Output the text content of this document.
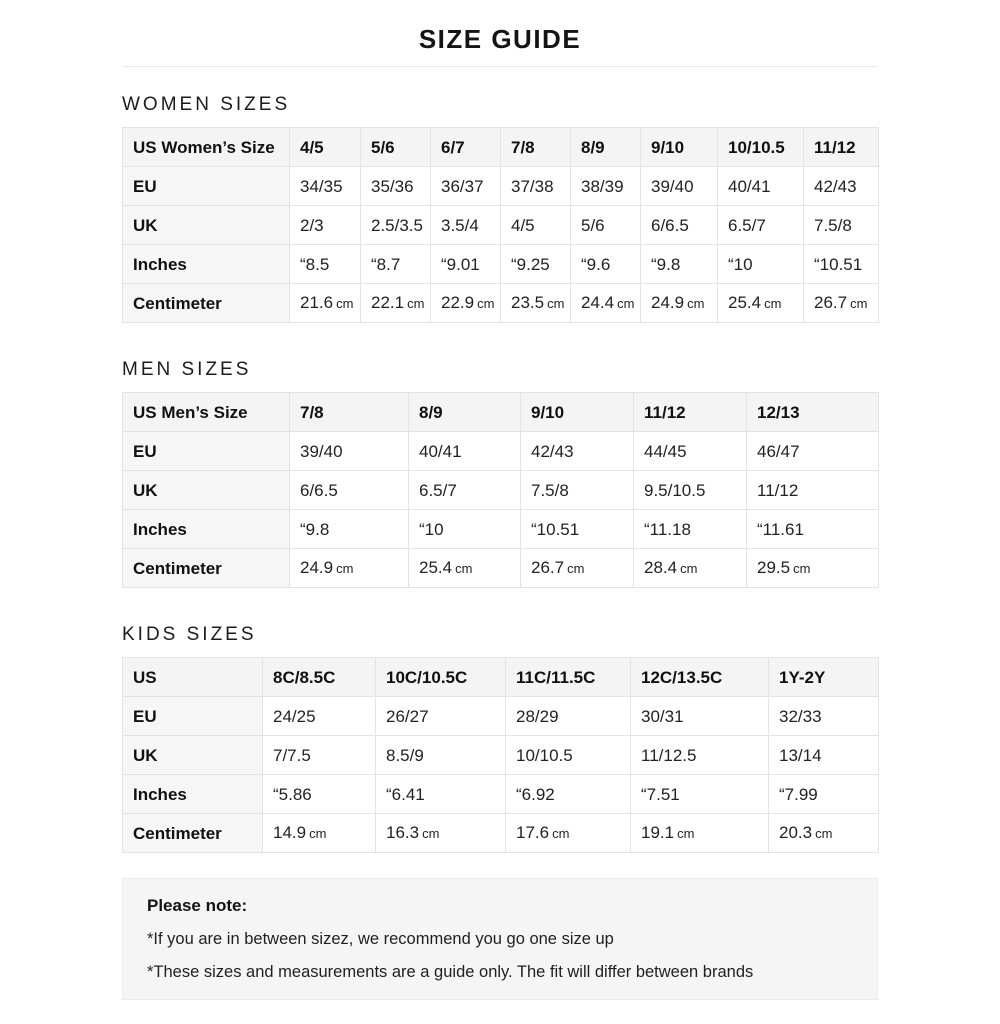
SIZE GUIDE
WOMEN SIZES
US Women’s Size	4/5	5/6	6/7	7/8	8/9	9/10	10/10.5	11/12
EU	34/35	35/36	36/37	37/38	38/39	39/40	40/41	42/43
UK	2/3	2.5/3.5	3.5/4	4/5	5/6	6/6.5	6.5/7	7.5/8
Inches	“8.5	“8.7	“9.01	“9.25	“9.6	“9.8	“10	“10.51
Centimeter	21.6 cm	22.1 cm	22.9 cm	23.5 cm	24.4 cm	24.9 cm	25.4 cm	26.7 cm
MEN SIZES
US Men’s Size	7/8	8/9	9/10	11/12	12/13
EU	39/40	40/41	42/43	44/45	46/47
UK	6/6.5	6.5/7	7.5/8	9.5/10.5	11/12
Inches	“9.8	“10	“10.51	“11.18	“11.61
Centimeter	24.9 cm	25.4 cm	26.7 cm	28.4 cm	29.5 cm
KIDS SIZES
US	8C/8.5C	10C/10.5C	11C/11.5C	12C/13.5C	1Y-2Y
EU	24/25	26/27	28/29	30/31	32/33
UK	7/7.5	8.5/9	10/10.5	11/12.5	13/14
Inches	“5.86	“6.41	“6.92	“7.51	“7.99
Centimeter	14.9 cm	16.3 cm	17.6 cm	19.1 cm	20.3 cm
Please note:

*If you are in between sizez, we recommend you go one size up

*These sizes and measurements are a guide only. The fit will differ between brands
